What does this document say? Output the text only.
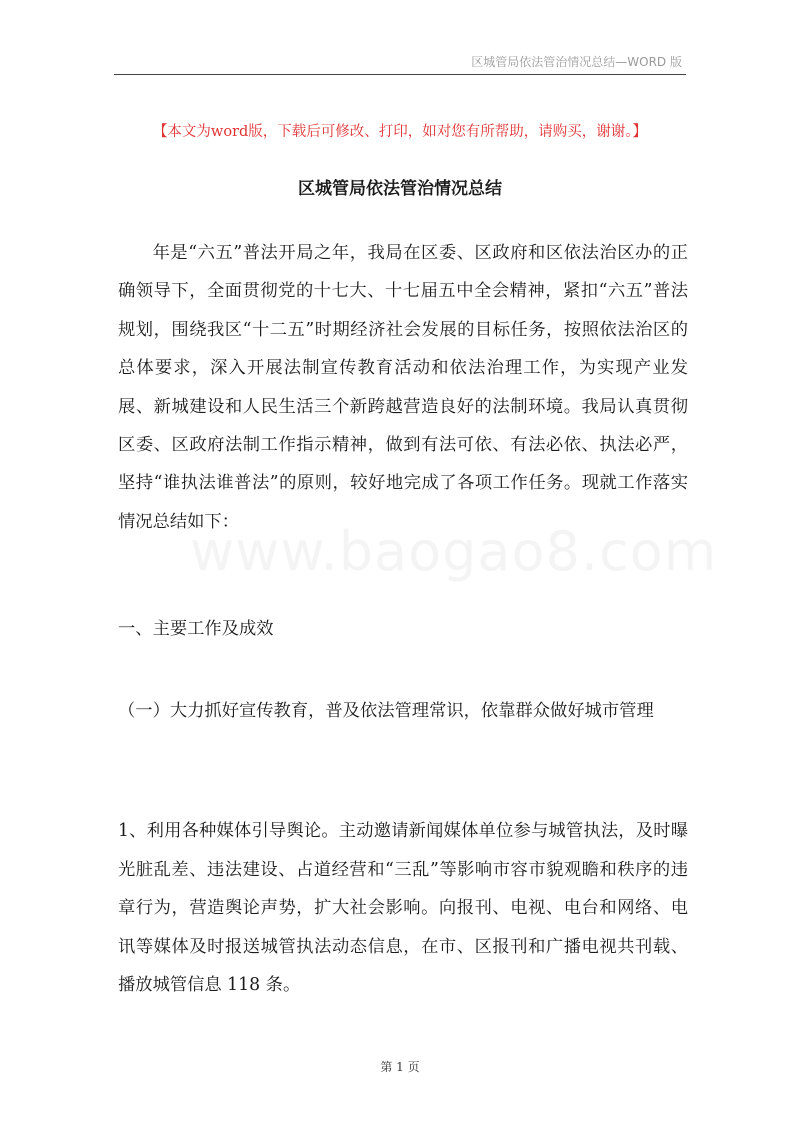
区城管局依法管治情况总结—WORD 版
【本文为word版，下载后可修改、打印，如对您有所帮助，请购买，谢谢。】
区城管局依法管治情况总结
年是“六五”普法开局之年，我局在区委、区政府和区依法治区办的正确领导下，全面贯彻党的十七大、十七届五中全会精神，紧扣“六五”普法规划，围绕我区“十二五”时期经济社会发展的目标任务，按照依法治区的总体要求，深入开展法制宣传教育活动和依法治理工作，为实现产业发展、新城建设和人民生活三个新跨越营造良好的法制环境。我局认真贯彻区委、区政府法制工作指示精神，做到有法可依、有法必依、执法必严，坚持“谁执法谁普法”的原则，较好地完成了各项工作任务。现就工作落实情况总结如下：
一、主要工作及成效
（一）大力抓好宣传教育，普及依法管理常识，依靠群众做好城市管理
1、利用各种媒体引导舆论。主动邀请新闻媒体单位参与城管执法，及时曝光脏乱差、违法建设、占道经营和“三乱”等影响市容市貌观瞻和秩序的违章行为，营造舆论声势，扩大社会影响。向报刊、电视、电台和网络、电讯等媒体及时报送城管执法动态信息，在市、区报刊和广播电视共刊载、播放城管信息 118 条。
第 1 页
